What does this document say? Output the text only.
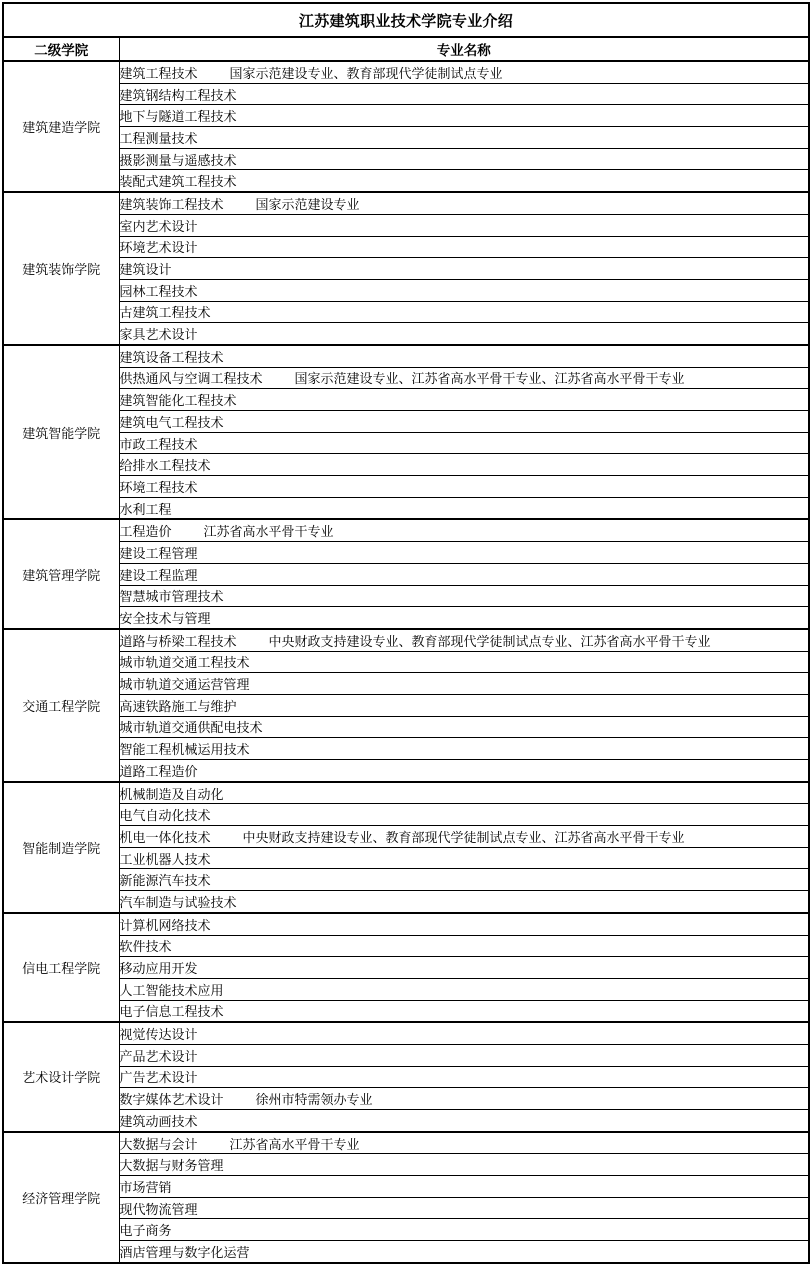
江苏建筑职业技术学院专业介绍	
二级学院	专业名称
建筑建造学院	建筑工程技术 国家示范建设专业、教育部现代学徒制试点专业
	建筑钢结构工程技术
	地下与隧道工程技术
	工程测量技术
	摄影测量与遥感技术
	装配式建筑工程技术
建筑装饰学院	建筑装饰工程技术 国家示范建设专业
	室内艺术设计
	环境艺术设计
	建筑设计
	园林工程技术
	古建筑工程技术
	家具艺术设计
建筑智能学院	建筑设备工程技术
	供热通风与空调工程技术 国家示范建设专业、江苏省高水平骨干专业、江苏省高水平骨干专业
	建筑智能化工程技术
	建筑电气工程技术
	市政工程技术
	给排水工程技术
	环境工程技术
	水利工程
建筑管理学院	工程造价 江苏省高水平骨干专业
	建设工程管理
	建设工程监理
	智慧城市管理技术
	安全技术与管理
交通工程学院	道路与桥梁工程技术 中央财政支持建设专业、教育部现代学徒制试点专业、江苏省高水平骨干专业
	城市轨道交通工程技术
	城市轨道交通运营管理
	高速铁路施工与维护
	城市轨道交通供配电技术
	智能工程机械运用技术
	道路工程造价
智能制造学院	机械制造及自动化
	电气自动化技术
	机电一体化技术 中央财政支持建设专业、教育部现代学徒制试点专业、江苏省高水平骨干专业
	工业机器人技术
	新能源汽车技术
	汽车制造与试验技术
信电工程学院	计算机网络技术
	软件技术
	移动应用开发
	人工智能技术应用
	电子信息工程技术
艺术设计学院	视觉传达设计
	产品艺术设计
	广告艺术设计
	数字媒体艺术设计 徐州市特需领办专业
	建筑动画技术
经济管理学院	大数据与会计 江苏省高水平骨干专业
	大数据与财务管理
	市场营销
	现代物流管理
	电子商务
	酒店管理与数字化运营
